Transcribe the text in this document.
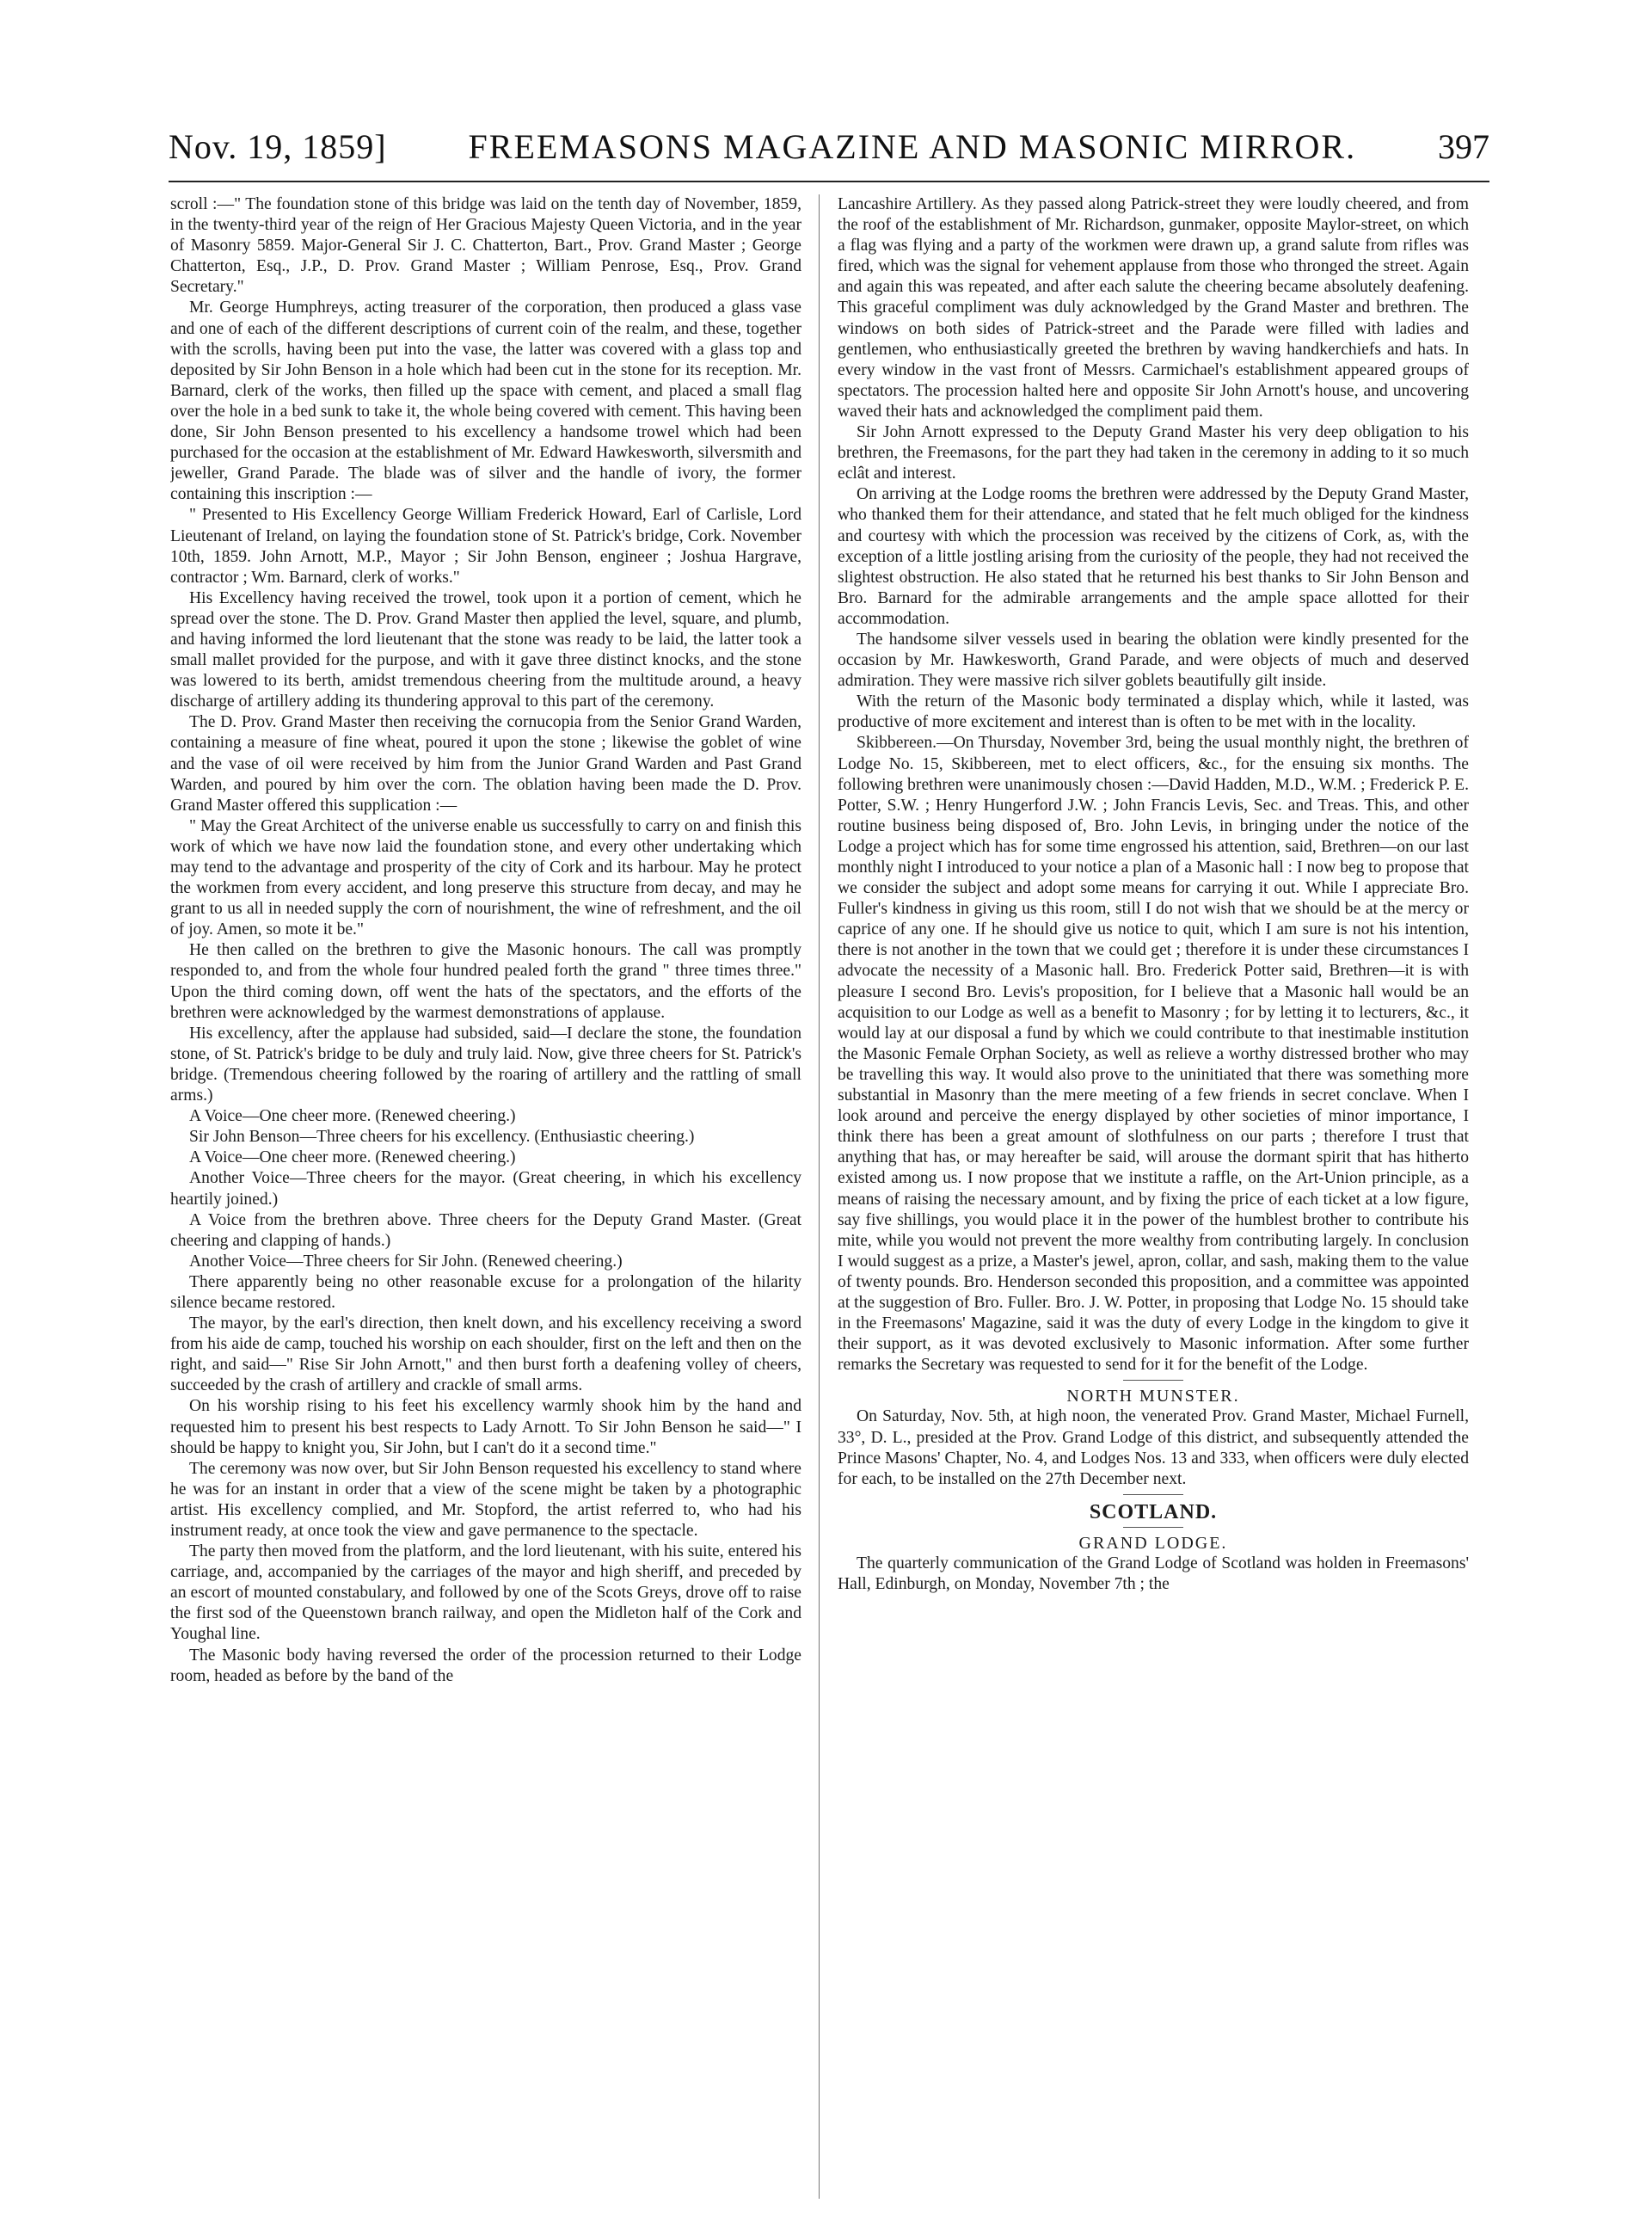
Nov. 19, 1859] FREEMASONS MAGAZINE AND MASONIC MIRROR. 397

scroll :—" The foundation stone of this bridge was laid on the tenth day of November, 1859, in the twenty-third year of the reign of Her Gracious Majesty Queen Victoria, and in the year of Masonry 5859. Major-General Sir J. C. Chatterton, Bart., Prov. Grand Master ; George Chatterton, Esq., J.P., D. Prov. Grand Master ; William Penrose, Esq., Prov. Grand Secretary."

Mr. George Humphreys, acting treasurer of the corporation, then produced a glass vase and one of each of the different descriptions of current coin of the realm, and these, together with the scrolls, having been put into the vase, the latter was covered with a glass top and deposited by Sir John Benson in a hole which had been cut in the stone for its reception. Mr. Barnard, clerk of the works, then filled up the space with cement, and placed a small flag over the hole in a bed sunk to take it, the whole being covered with cement. This having been done, Sir John Benson presented to his excellency a handsome trowel which had been purchased for the occasion at the establishment of Mr. Edward Hawkesworth, silversmith and jeweller, Grand Parade. The blade was of silver and the handle of ivory, the former containing this inscription :—

" Presented to His Excellency George William Frederick Howard, Earl of Carlisle, Lord Lieutenant of Ireland, on laying the foundation stone of St. Patrick's bridge, Cork. November 10th, 1859. John Arnott, M.P., Mayor ; Sir John Benson, engineer ; Joshua Hargrave, contractor ; Wm. Barnard, clerk of works."

His Excellency having received the trowel, took upon it a portion of cement, which he spread over the stone. The D. Prov. Grand Master then applied the level, square, and plumb, and having informed the lord lieutenant that the stone was ready to be laid, the latter took a small mallet provided for the purpose, and with it gave three distinct knocks, and the stone was lowered to its berth, amidst tremendous cheering from the multitude around, a heavy discharge of artillery adding its thundering approval to this part of the ceremony.

The D. Prov. Grand Master then receiving the cornucopia from the Senior Grand Warden, containing a measure of fine wheat, poured it upon the stone ; likewise the goblet of wine and the vase of oil were received by him from the Junior Grand Warden and Past Grand Warden, and poured by him over the corn. The oblation having been made the D. Prov. Grand Master offered this supplication :—

" May the Great Architect of the universe enable us successfully to carry on and finish this work of which we have now laid the foundation stone, and every other undertaking which may tend to the advantage and prosperity of the city of Cork and its harbour. May he protect the workmen from every accident, and long preserve this structure from decay, and may he grant to us all in needed supply the corn of nourishment, the wine of refreshment, and the oil of joy. Amen, so mote it be."

He then called on the brethren to give the Masonic honours. The call was promptly responded to, and from the whole four hundred pealed forth the grand " three times three." Upon the third coming down, off went the hats of the spectators, and the efforts of the brethren were acknowledged by the warmest demonstrations of applause.

His excellency, after the applause had subsided, said—I declare the stone, the foundation stone, of St. Patrick's bridge to be duly and truly laid. Now, give three cheers for St. Patrick's bridge. (Tremendous cheering followed by the roaring of artillery and the rattling of small arms.)

A Voice—One cheer more. (Renewed cheering.)

Sir John Benson—Three cheers for his excellency. (Enthusiastic cheering.)

A Voice—One cheer more. (Renewed cheering.)

Another Voice—Three cheers for the mayor. (Great cheering, in which his excellency heartily joined.)

A Voice from the brethren above. Three cheers for the Deputy Grand Master. (Great cheering and clapping of hands.)

Another Voice—Three cheers for Sir John. (Renewed cheering.)

There apparently being no other reasonable excuse for a prolongation of the hilarity silence became restored.

The mayor, by the earl's direction, then knelt down, and his excellency receiving a sword from his aide de camp, touched his worship on each shoulder, first on the left and then on the right, and said—" Rise Sir John Arnott," and then burst forth a deafening volley of cheers, succeeded by the crash of artillery and crackle of small arms.

On his worship rising to his feet his excellency warmly shook him by the hand and requested him to present his best respects to Lady Arnott. To Sir John Benson he said—" I should be happy to knight you, Sir John, but I can't do it a second time."

The ceremony was now over, but Sir John Benson requested his excellency to stand where he was for an instant in order that a view of the scene might be taken by a photographic artist. His excellency complied, and Mr. Stopford, the artist referred to, who had his instrument ready, at once took the view and gave permanence to the spectacle.

The party then moved from the platform, and the lord lieutenant, with his suite, entered his carriage, and, accompanied by the carriages of the mayor and high sheriff, and preceded by an escort of mounted constabulary, and followed by one of the Scots Greys, drove off to raise the first sod of the Queenstown branch railway, and open the Midleton half of the Cork and Youghal line.

The Masonic body having reversed the order of the procession returned to their Lodge room, headed as before by the band of the

Lancashire Artillery. As they passed along Patrick-street they were loudly cheered, and from the roof of the establishment of Mr. Richardson, gunmaker, opposite Maylor-street, on which a flag was flying and a party of the workmen were drawn up, a grand salute from rifles was fired, which was the signal for vehement applause from those who thronged the street. Again and again this was repeated, and after each salute the cheering became absolutely deafening. This graceful compliment was duly acknowledged by the Grand Master and brethren. The windows on both sides of Patrick-street and the Parade were filled with ladies and gentlemen, who enthusiastically greeted the brethren by waving handkerchiefs and hats. In every window in the vast front of Messrs. Carmichael's establishment appeared groups of spectators. The procession halted here and opposite Sir John Arnott's house, and uncovering waved their hats and acknowledged the compliment paid them.

Sir John Arnott expressed to the Deputy Grand Master his very deep obligation to his brethren, the Freemasons, for the part they had taken in the ceremony in adding to it so much eclât and interest.

On arriving at the Lodge rooms the brethren were addressed by the Deputy Grand Master, who thanked them for their attendance, and stated that he felt much obliged for the kindness and courtesy with which the procession was received by the citizens of Cork, as, with the exception of a little jostling arising from the curiosity of the people, they had not received the slightest obstruction. He also stated that he returned his best thanks to Sir John Benson and Bro. Barnard for the admirable arrangements and the ample space allotted for their accommodation.

The handsome silver vessels used in bearing the oblation were kindly presented for the occasion by Mr. Hawkesworth, Grand Parade, and were objects of much and deserved admiration. They were massive rich silver goblets beautifully gilt inside.

With the return of the Masonic body terminated a display which, while it lasted, was productive of more excitement and interest than is often to be met with in the locality.

Skibbereen.—On Thursday, November 3rd, being the usual monthly night, the brethren of Lodge No. 15, Skibbereen, met to elect officers, &c., for the ensuing six months. The following brethren were unanimously chosen :—David Hadden, M.D., W.M. ; Frederick P. E. Potter, S.W. ; Henry Hungerford J.W. ; John Francis Levis, Sec. and Treas. This, and other routine business being disposed of, Bro. John Levis, in bringing under the notice of the Lodge a project which has for some time engrossed his attention, said, Brethren—on our last monthly night I introduced to your notice a plan of a Masonic hall : I now beg to propose that we consider the subject and adopt some means for carrying it out. While I appreciate Bro. Fuller's kindness in giving us this room, still I do not wish that we should be at the mercy or caprice of any one. If he should give us notice to quit, which I am sure is not his intention, there is not another in the town that we could get ; therefore it is under these circumstances I advocate the necessity of a Masonic hall. Bro. Frederick Potter said, Brethren—it is with pleasure I second Bro. Levis's proposition, for I believe that a Masonic hall would be an acquisition to our Lodge as well as a benefit to Masonry ; for by letting it to lecturers, &c., it would lay at our disposal a fund by which we could contribute to that inestimable institution the Masonic Female Orphan Society, as well as relieve a worthy distressed brother who may be travelling this way. It would also prove to the uninitiated that there was something more substantial in Masonry than the mere meeting of a few friends in secret conclave. When I look around and perceive the energy displayed by other societies of minor importance, I think there has been a great amount of slothfulness on our parts ; therefore I trust that anything that has, or may hereafter be said, will arouse the dormant spirit that has hitherto existed among us. I now propose that we institute a raffle, on the Art-Union principle, as a means of raising the necessary amount, and by fixing the price of each ticket at a low figure, say five shillings, you would place it in the power of the humblest brother to contribute his mite, while you would not prevent the more wealthy from contributing largely. In conclusion I would suggest as a prize, a Master's jewel, apron, collar, and sash, making them to the value of twenty pounds. Bro. Henderson seconded this proposition, and a committee was appointed at the suggestion of Bro. Fuller. Bro. J. W. Potter, in proposing that Lodge No. 15 should take in the Freemasons' Magazine, said it was the duty of every Lodge in the kingdom to give it their support, as it was devoted exclusively to Masonic information. After some further remarks the Secretary was requested to send for it for the benefit of the Lodge.

NORTH MUNSTER.

On Saturday, Nov. 5th, at high noon, the venerated Prov. Grand Master, Michael Furnell, 33°, D. L., presided at the Prov. Grand Lodge of this district, and subsequently attended the Prince Masons' Chapter, No. 4, and Lodges Nos. 13 and 333, when officers were duly elected for each, to be installed on the 27th December next.

SCOTLAND.
GRAND LODGE.

The quarterly communication of the Grand Lodge of Scotland was holden in Freemasons' Hall, Edinburgh, on Monday, November 7th ; the
